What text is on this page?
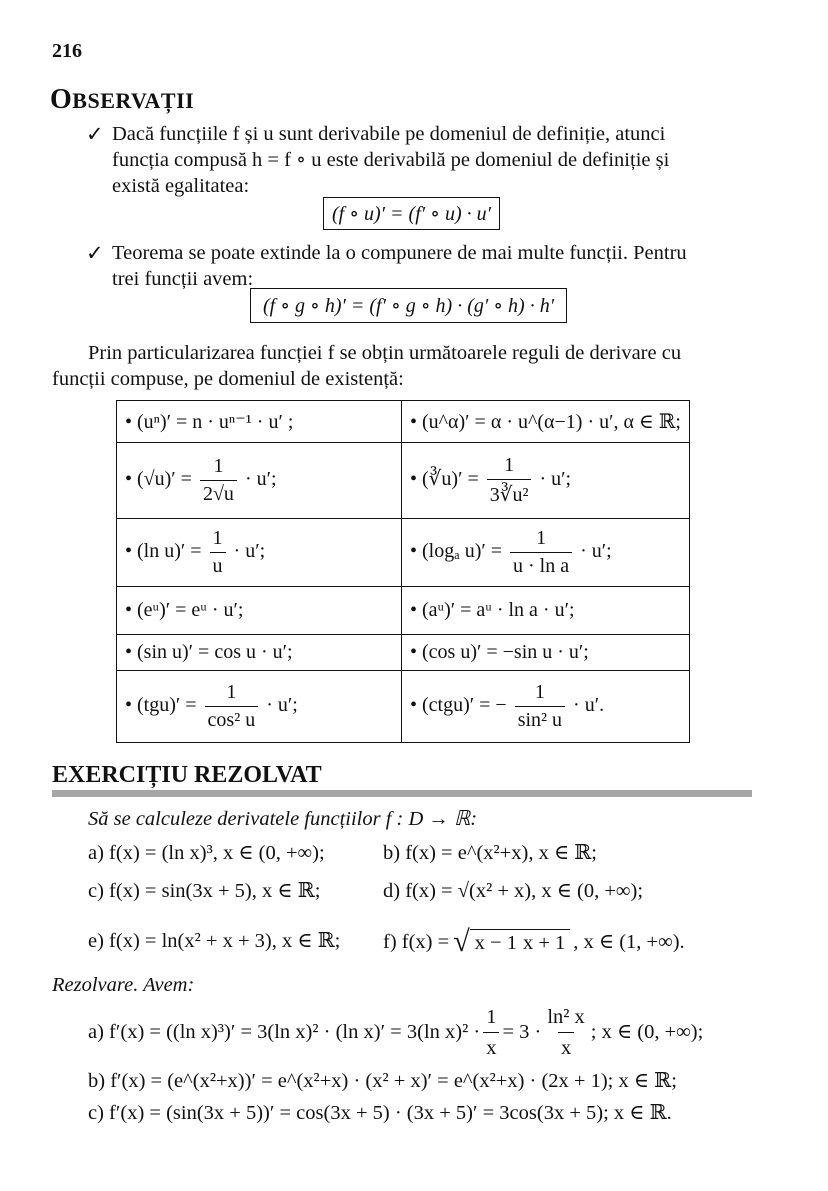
216
OBSERVAȚII
✓ Dacă funcțiile f și u sunt derivabile pe domeniul de definiție, atunci
funcția compusă h = f ∘ u este derivabilă pe domeniul de definiție și
există egalitatea:
(f ∘ u)′ = (f′ ∘ u) · u′
✓ Teorema se poate extinde la o compunere de mai multe funcții. Pentru
trei funcții avem:
(f ∘ g ∘ h)′ = (f′ ∘ g ∘ h) · (g′ ∘ h) · h′
Prin particularizarea funcției f se obțin următoarele reguli de derivare cu
funcții compuse, pe domeniul de existență:
• (uⁿ)′ = n · uⁿ⁻¹ · u′ ;	• (u^α)′ = α · u^(α−1) · u′, α ∈ ℝ;
• $(√u)' = \frac{1}{2√u} \cdot u'$;	• (∛u)′ = $\frac{1}{\text{3∛u²}} \cdot u'$;
• (ln $u)' = \frac{1}{u} \cdot u'$;	• (logₐ $u)' = \frac{1}{\text{u · ln a}} \cdot u'$;
• (eᵘ)′ = eᵘ · u′;	• (aᵘ)′ = aᵘ · ln a · u′;
• (sin u)′ = cos u · u′;	• (cos u)′ = −sin u · u′;
• $(tgu)' = \frac{1}{\text{cos² u}} \cdot u'$;	• (ctgu)′ = − $\frac{1}{\text{sin² u}} \cdot u'$.
EXERCIȚIU REZOLVAT
Să se calculeze derivatele funcțiilor f : D → ℝ:
a) f(x) = (ln x)³, x ∈ (0, +∞);	b) f(x) = e^(x²+x), x ∈ ℝ;
c) f(x) = sin(3x + 5), x ∈ ℝ;	d) f(x) = √(x² + x), x ∈ (0, +∞);
e) f(x) = ln(x² + x + 3), x ∈ ℝ; f) f(x) = √ x − 1 x + 1 , x ∈ (1, +∞).
Rezolvare. Avem:
a) f′(x) = ((ln x)³)′ = 3(ln x)² · (ln x)′ = 3(ln $x)^2 \cdot \frac{1}{x} = 3 \cdot \frac{\text{ln² x}}{x}$ ; x ∈ (0, +∞);
b) f′(x) = (e^(x²+x))′ = e^(x²+x) · (x² + x)′ = e^(x²+x) · (2x + 1); x ∈ ℝ;
c) f′(x) = (sin(3x + 5))′ = cos(3x + 5) · (3x + 5)′ = 3cos(3x + 5); x ∈ ℝ.
